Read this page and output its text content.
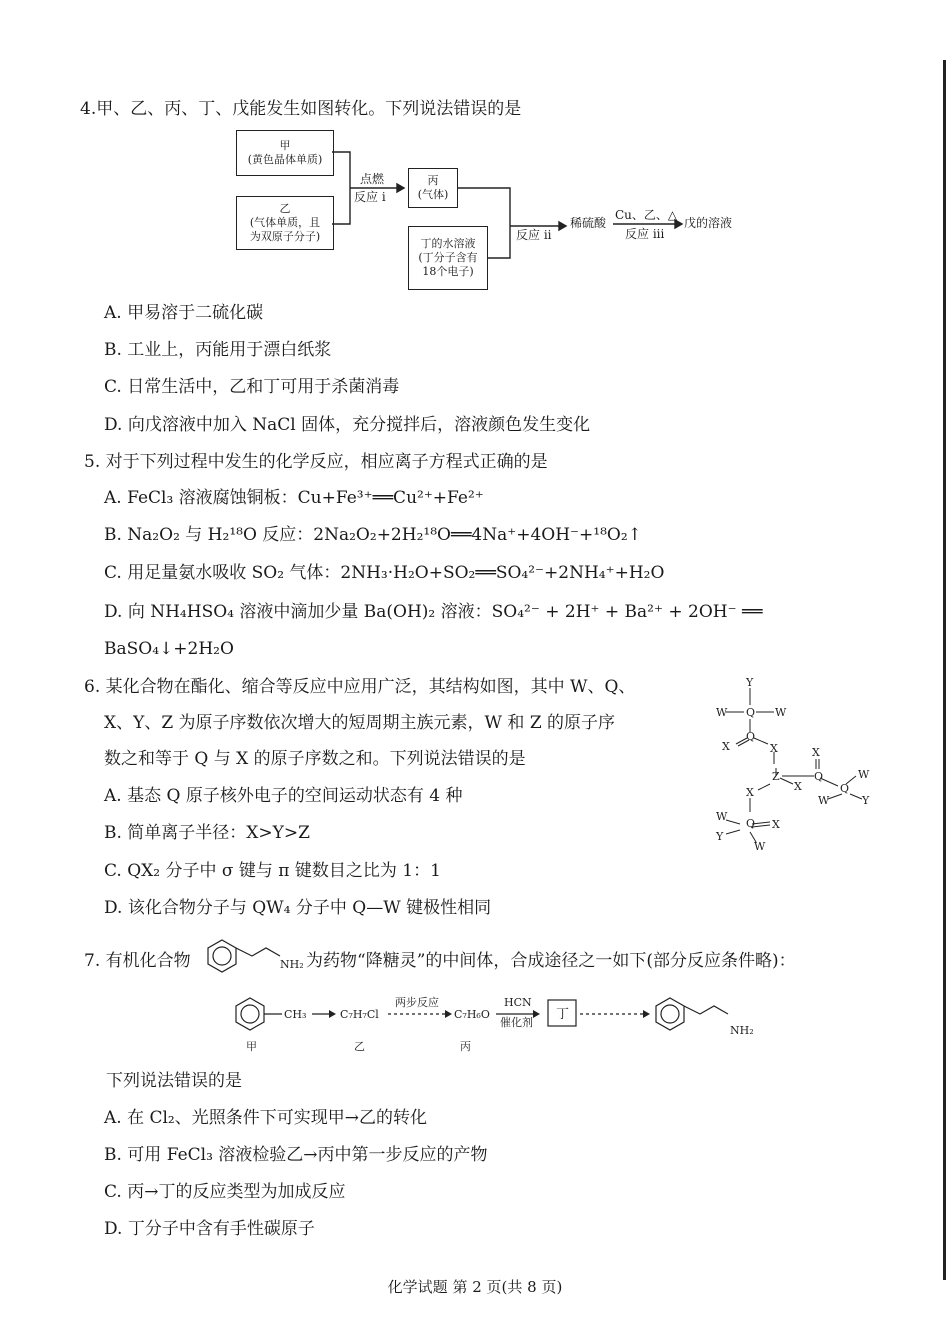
4.甲、乙、丙、丁、戊能发生如图转化。下列说法错误的是
甲
(黄色晶体单质)
乙
(气体单质，且
为双原子分子)
点燃
反应 i
丙
(气体)
丁的水溶液
(丁分子含有
18个电子)
反应 ii
稀硫酸
Cu、乙、△
反应 iii
戊的溶液
A. 甲易溶于二硫化碳
B. 工业上，丙能用于漂白纸浆
C. 日常生活中，乙和丁可用于杀菌消毒
D. 向戊溶液中加入 NaCl 固体，充分搅拌后，溶液颜色发生变化
5. 对于下列过程中发生的化学反应，相应离子方程式正确的是
A. FeCl₃ 溶液腐蚀铜板：Cu+Fe³⁺══Cu²⁺+Fe²⁺
B. Na₂O₂ 与 H₂¹⁸O 反应：2Na₂O₂+2H₂¹⁸O══4Na⁺+4OH⁻+¹⁸O₂↑
C. 用足量氨水吸收 SO₂ 气体：2NH₃·H₂O+SO₂══SO₄²⁻+2NH₄⁺+H₂O
D. 向 NH₄HSO₄ 溶液中滴加少量 Ba(OH)₂ 溶液：SO₄²⁻ + 2H⁺ + Ba²⁺ + 2OH⁻ ══
BaSO₄↓+2H₂O
6. 某化合物在酯化、缩合等反应中应用广泛，其结构如图，其中 W、Q、
X、Y、Z 为原子序数依次增大的短周期主族元素，W 和 Z 的原子序
数之和等于 Q 与 X 的原子序数之和。下列说法错误的是
A. 基态 Q 原子核外电子的空间运动状态有 4 种
B. 简单离子半径：X>Y>Z
C. QX₂ 分子中 σ 键与 π 键数目之比为 1：1
D. 该化合物分子与 QW₄ 分子中 Q—W 键极性相同
Y
W Q W
X
Q
X
Z
X
X
Q
Q
W
W	Y
X
Q X
W
Y
W
7. 有机化合物	NH₂ 为药物“降糖灵”的中间体，合成途径之一如下(部分反应条件略)：
CH₃	C₇H₇Cl
两步反应
C₇H₆O
HCN
催化剂
丁
NH₂
甲	乙	丙
下列说法错误的是
A. 在 Cl₂、光照条件下可实现甲→乙的转化
B. 可用 FeCl₃ 溶液检验乙→丙中第一步反应的产物
C. 丙→丁的反应类型为加成反应
D. 丁分子中含有手性碳原子
化学试题 第 2 页(共 8 页)
